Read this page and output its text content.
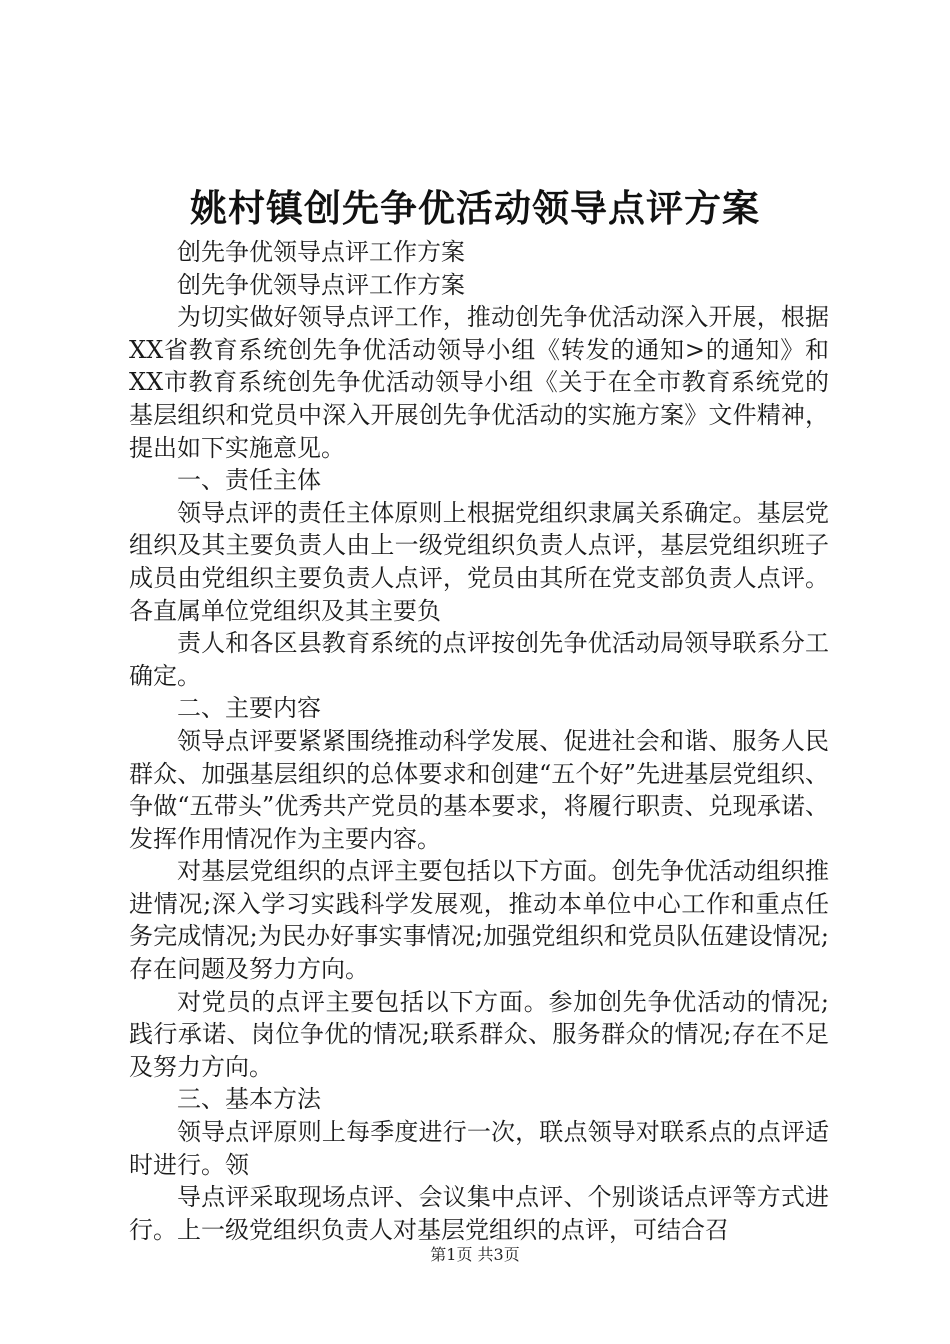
姚村镇创先争优活动领导点评方案

创先争优领导点评工作方案

创先争优领导点评工作方案

为切实做好领导点评工作，推动创先争优活动深入开展，根据XX省教育系统创先争优活动领导小组《转发的通知>的通知》和XX市教育系统创先争优活动领导小组《关于在全市教育系统党的基层组织和党员中深入开展创先争优活动的实施方案》文件精神，提出如下实施意见。

一、责任主体

领导点评的责任主体原则上根据党组织隶属关系确定。基层党组织及其主要负责人由上一级党组织负责人点评，基层党组织班子成员由党组织主要负责人点评，党员由其所在党支部负责人点评。各直属单位党组织及其主要负

责人和各区县教育系统的点评按创先争优活动局领导联系分工确定。

二、主要内容

领导点评要紧紧围绕推动科学发展、促进社会和谐、服务人民群众、加强基层组织的总体要求和创建“五个好”先进基层党组织、争做“五带头”优秀共产党员的基本要求，将履行职责、兑现承诺、发挥作用情况作为主要内容。

对基层党组织的点评主要包括以下方面。创先争优活动组织推进情况;深入学习实践科学发展观，推动本单位中心工作和重点任务完成情况;为民办好事实事情况;加强党组织和党员队伍建设情况;存在问题及努力方向。

对党员的点评主要包括以下方面。参加创先争优活动的情况;践行承诺、岗位争优的情况;联系群众、服务群众的情况;存在不足及努力方向。

三、基本方法

领导点评原则上每季度进行一次，联点领导对联系点的点评适时进行。领

导点评采取现场点评、会议集中点评、个别谈话点评等方式进行。上一级党组织负责人对基层党组织的点评，可结合召

第1页 共3页
